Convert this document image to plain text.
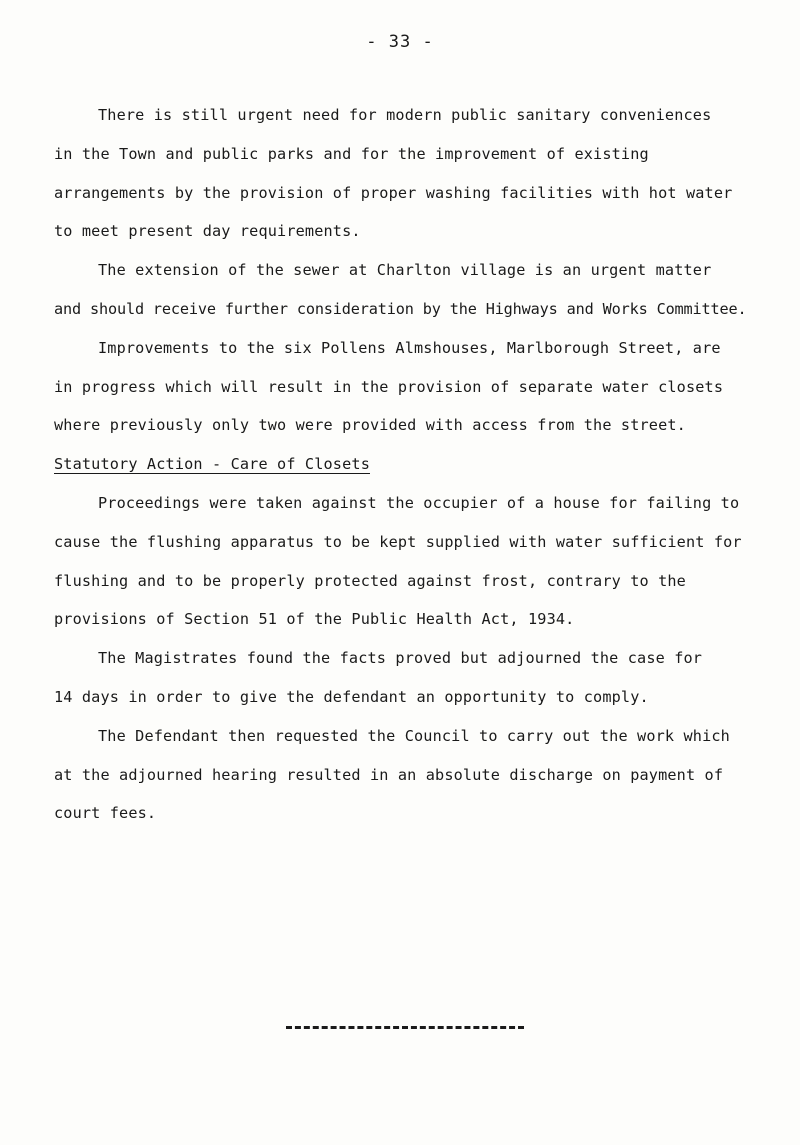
- 33 -
There is still urgent need for modern public sanitary conveniences
in the Town and public parks and for the improvement of existing
arrangements by the provision of proper washing facilities with hot water
to meet present day requirements.
The extension of the sewer at Charlton village is an urgent matter
and should receive further consideration by the Highways and Works Committee.
Improvements to the six Pollens Almshouses, Marlborough Street, are
in progress which will result in the provision of separate water closets
where previously only two were provided with access from the street.
Statutory Action - Care of Closets
Proceedings were taken against the occupier of a house for failing to
cause the flushing apparatus to be kept supplied with water sufficient for
flushing and to be properly protected against frost, contrary to the
provisions of Section 51 of the Public Health Act, 1934.
The Magistrates found the facts proved but adjourned the case for
14 days in order to give the defendant an opportunity to comply.
The Defendant then requested the Council to carry out the work which
at the adjourned hearing resulted in an absolute discharge on payment of
court fees.
